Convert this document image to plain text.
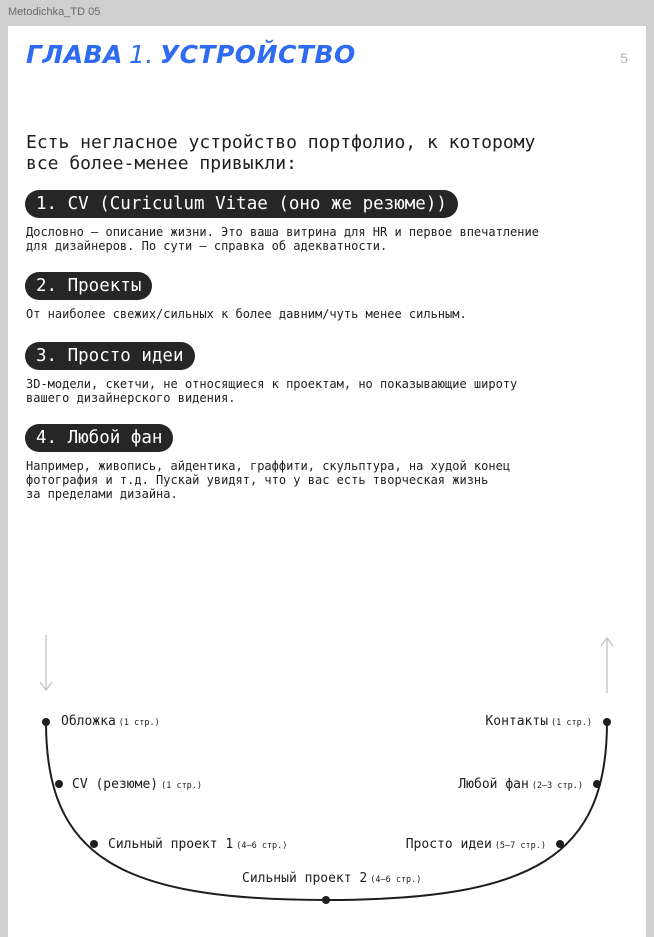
Metodichka_TD 05
ГЛАВА 1. УСТРОЙСТВО	5
Есть негласное устройство портфолио, к которому
все более-менее привыкли:
1. CV (Curiculum Vitae (оно же резюме))
Дословно – описание жизни. Это ваша витрина для HR и первое впечатление
для дизайнеров. По сути — справка об адекватности.
2. Проекты
От наиболее свежих/сильных к более давним/чуть менее сильным.
3. Просто идеи
3D-модели, скетчи, не относящиеся к проектам, но показывающие широту
вашего дизайнерского видения.
4. Любой фан
Например, живопись, айдентика, граффити, скульптура, на худой конец
фотография и т.д. Пускай увидят, что у вас есть творческая жизнь
за пределами дизайна.
Обложка (1 стр.)
CV (резюме) (1 стр.)
Сильный проект 1 (4–6 стр.)
Сильный проект 2 (4–6 стр.)
Просто идеи (5–7 стр.)
Любой фан (2–3 стр.)
Контакты (1 стр.)
